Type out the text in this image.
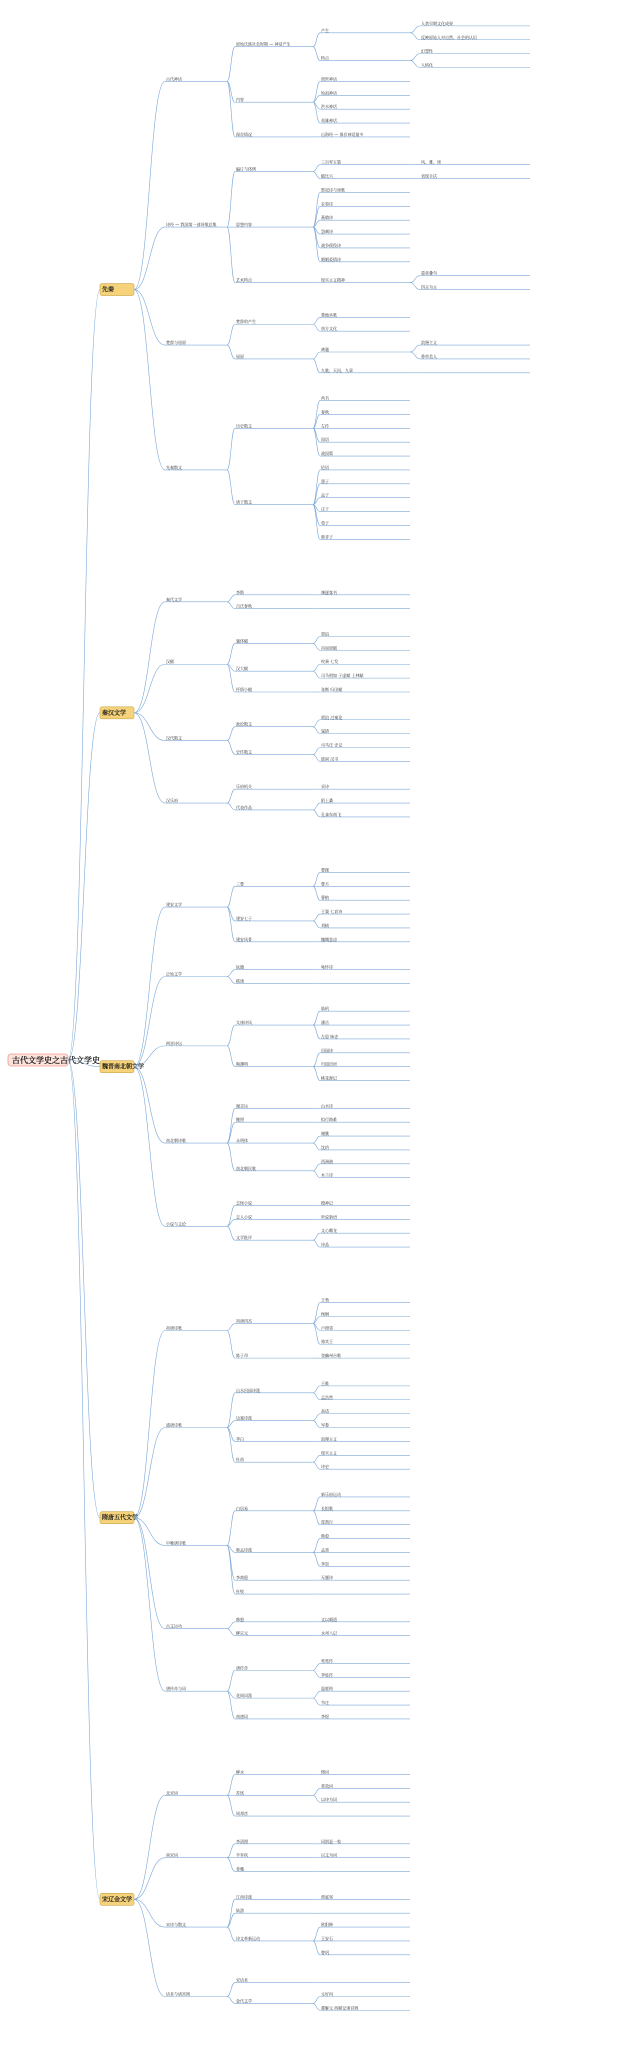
古代文学史之古代文学史
先秦
古代神话
原始氏族社会时期 — 神话产生
产生
人类早期文化成果
反映原始人对自然、社会的认识
特点
幻想性
人格化
内容
创世神话
始祖神话
洪水神话
英雄神话
保存情况	山海经 — 保存神话最多
诗经 — 我国第一部诗歌总集
编订与体例
三百零五篇	风、雅、颂
赋比兴	表现手法
思想内容
祭祀诗与颂歌
农事诗
燕飨诗
怨刺诗
战争徭役诗
婚姻爱情诗
艺术特点	现实主义精神
重章叠句
四言为主
楚辞与屈原
楚辞的产生
楚地巫歌
南方文化
屈原
离骚
浪漫主义
香草美人
九歌、天问、九章
先秦散文
历史散文
尚书
春秋
左传
国语
战国策
诸子散文
论语
墨子
孟子
庄子
荀子
韩非子
秦汉文学
秦代文学
李斯	谏逐客书
吕氏春秋
汉赋
骚体赋
贾谊
吊屈原赋
汉大赋
枚乘 七发
司马相如 子虚赋 上林赋
抒情小赋	张衡 归田赋
汉代散文
政论散文
贾谊 过秦论
晁错
史传散文
司马迁 史记
班固 汉书
汉乐府
乐府机关	采诗
代表作品
陌上桑
孔雀东南飞
魏晋南北朝文学
建安文学
三曹
曹操
曹丕
曹植
建安七子
王粲 七哀诗
刘桢
建安风骨	慷慨悲凉
正始文学
阮籍	咏怀诗
嵇康
两晋诗坛
太康诗风
陆机
潘岳
左思 咏史
陶渊明
田园诗
归园田居
桃花源记
南北朝诗歌
谢灵运	山水诗
鲍照	拟行路难
永明体
谢朓
沈约
南北朝民歌
西洲曲
木兰诗
小说与文论
志怪小说	搜神记
志人小说	世说新语
文学批评
文心雕龙
诗品
隋唐五代文学
初唐诗歌
初唐四杰
王勃
杨炯
卢照邻
骆宾王
陈子昂	登幽州台歌
盛唐诗歌
山水田园诗派
王维
孟浩然
边塞诗派
高适
岑参
李白	浪漫主义
杜甫
现实主义
诗史
中晚唐诗歌
白居易
新乐府运动
长恨歌
琵琶行
韩孟诗派
韩愈
孟郊
李贺
李商隐	无题诗
杜牧
古文运动
韩愈	文以载道
柳宗元	永州八记
唐传奇与词
唐传奇
莺莺传
李娃传
花间词派
温庭筠
韦庄
南唐词	李煜
宋辽金文学
北宋词
柳永	慢词
苏轼
豪放词
以诗为词
周邦彦
南宋词
李清照	词别是一家
辛弃疾	以文为词
姜夔
宋诗与散文
江西诗派	黄庭坚
陆游
诗文革新运动
欧阳修
王安石
曾巩
话本与诸宫调
宋话本
金代文学
元好问
董解元 西厢记诸宫调
